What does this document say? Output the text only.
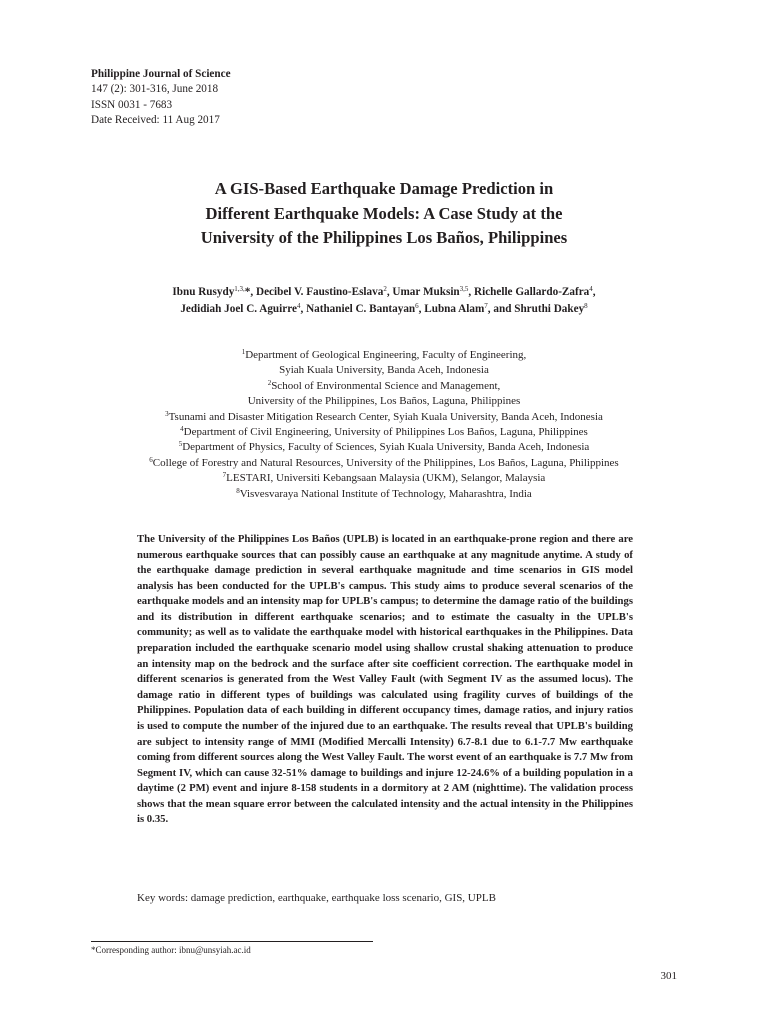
Philippine Journal of Science
147 (2): 301-316, June 2018
ISSN 0031 - 7683
Date Received: 11 Aug 2017
A GIS-Based Earthquake Damage Prediction in
Different Earthquake Models: A Case Study at the
University of the Philippines Los Baños, Philippines
Ibnu Rusydy$^{1,3,}$*, Decibel V. Faustino-Eslava$^2$, Umar Muksin$^{3,5}$, Richelle Gallardo-Zafra$^4$,
Jedidiah Joel C. Aguirre$^4$, Nathaniel C. Bantayan$^6$, Lubna Alam$^7$, and Shruthi Dakey$^8$
$^1$Department of Geological Engineering, Faculty of Engineering,
Syiah Kuala University, Banda Aceh, Indonesia
$^2$School of Environmental Science and Management,
University of the Philippines, Los Baños, Laguna, Philippines
$^3$Tsunami and Disaster Mitigation Research Center, Syiah Kuala University, Banda Aceh, Indonesia
$^4$Department of Civil Engineering, University of Philippines Los Baños, Laguna, Philippines
$^5$Department of Physics, Faculty of Sciences, Syiah Kuala University, Banda Aceh, Indonesia
$^6$College of Forestry and Natural Resources, University of the Philippines, Los Baños, Laguna, Philippines
$^7$LESTARI, Universiti Kebangsaan Malaysia (UKM), Selangor, Malaysia
$^8$Visvesvaraya National Institute of Technology, Maharashtra, India

The University of the Philippines Los Baños (UPLB) is located in an earthquake-prone region and there are numerous earthquake sources that can possibly cause an earthquake at any magnitude anytime. A study of the earthquake damage prediction in several earthquake magnitude and time scenarios in GIS model analysis has been conducted for the UPLB's campus. This study aims to produce several scenarios of the earthquake models and an intensity map for UPLB's campus; to determine the damage ratio of the buildings and its distribution in different earthquake scenarios; and to estimate the casualty in the UPLB's community; as well as to validate the earthquake model with historical earthquakes in the Philippines. Data preparation included the earthquake scenario model using shallow crustal shaking attenuation to produce an intensity map on the bedrock and the surface after site coefficient correction. The earthquake model in different scenarios is generated from the West Valley Fault (with Segment IV as the assumed locus). The damage ratio in different types of buildings was calculated using fragility curves of buildings of the Philippines. Population data of each building in different occupancy times, damage ratios, and injury ratios is used to compute the number of the injured due to an earthquake. The results reveal that UPLB's building are subject to intensity range of MMI (Modified Mercalli Intensity) 6.7-8.1 due to 6.1-7.7 Mw earthquake coming from different sources along the West Valley Fault. The worst event of an earthquake is 7.7 Mw from Segment IV, which can cause 32-51% damage to buildings and injure 12-24.6% of a building population in a daytime (2 PM) event and injure 8-158 students in a dormitory at 2 AM (nighttime). The validation process shows that the mean square error between the calculated intensity and the actual intensity in the Philippines is 0.35.

Key words: damage prediction, earthquake, earthquake loss scenario, GIS, UPLB
*Corresponding author: ibnu@unsyiah.ac.id
301
